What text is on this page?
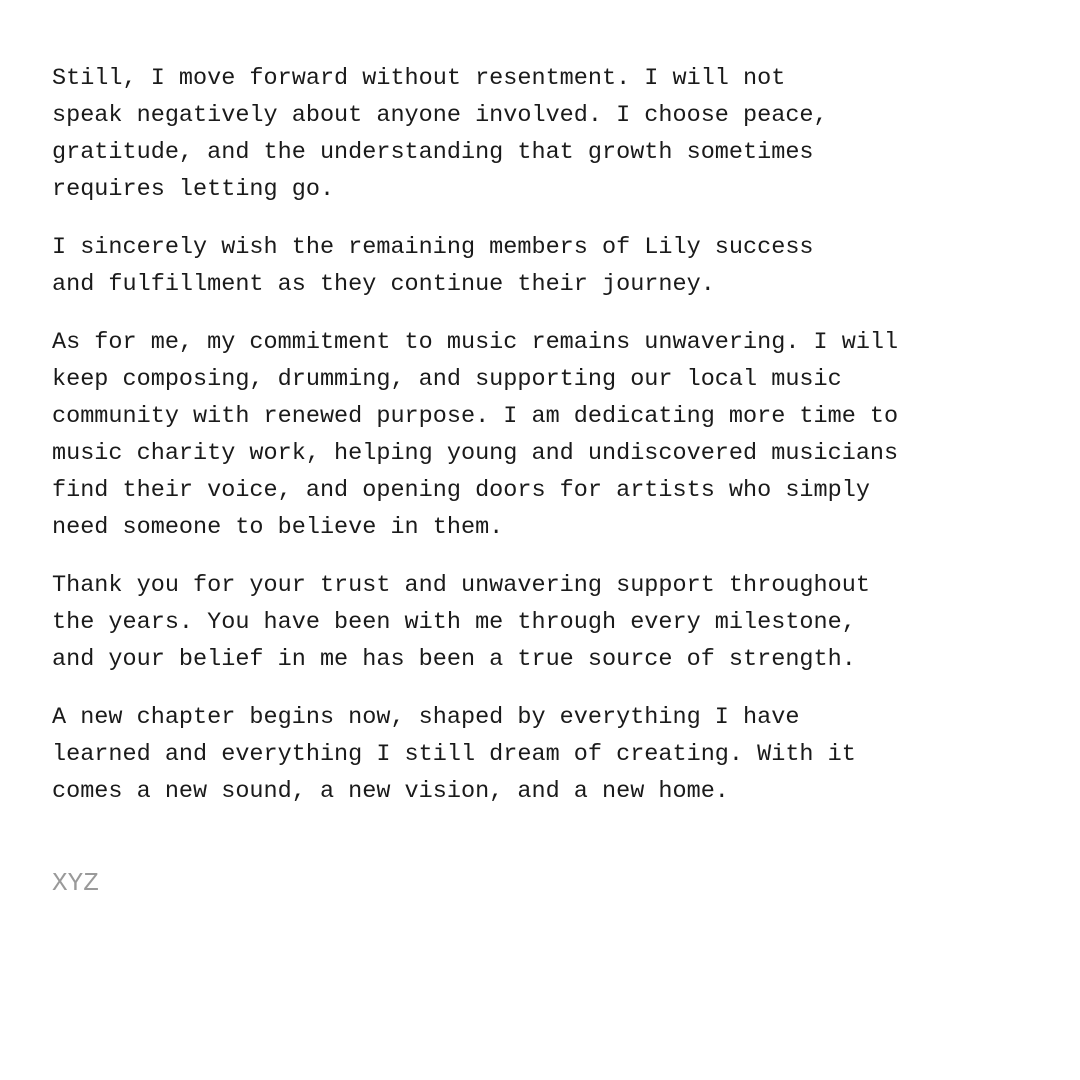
Still, I move forward without resentment. I will not
speak negatively about anyone involved. I choose peace,
gratitude, and the understanding that growth sometimes
requires letting go.

I sincerely wish the remaining members of Lily success
and fulfillment as they continue their journey.

As for me, my commitment to music remains unwavering. I will
keep composing, drumming, and supporting our local music
community with renewed purpose. I am dedicating more time to
music charity work, helping young and undiscovered musicians
find their voice, and opening doors for artists who simply
need someone to believe in them.

Thank you for your trust and unwavering support throughout
the years. You have been with me through every milestone,
and your belief in me has been a true source of strength.

A new chapter begins now, shaped by everything I have
learned and everything I still dream of creating. With it
comes a new sound, a new vision, and a new home.

XYZ
